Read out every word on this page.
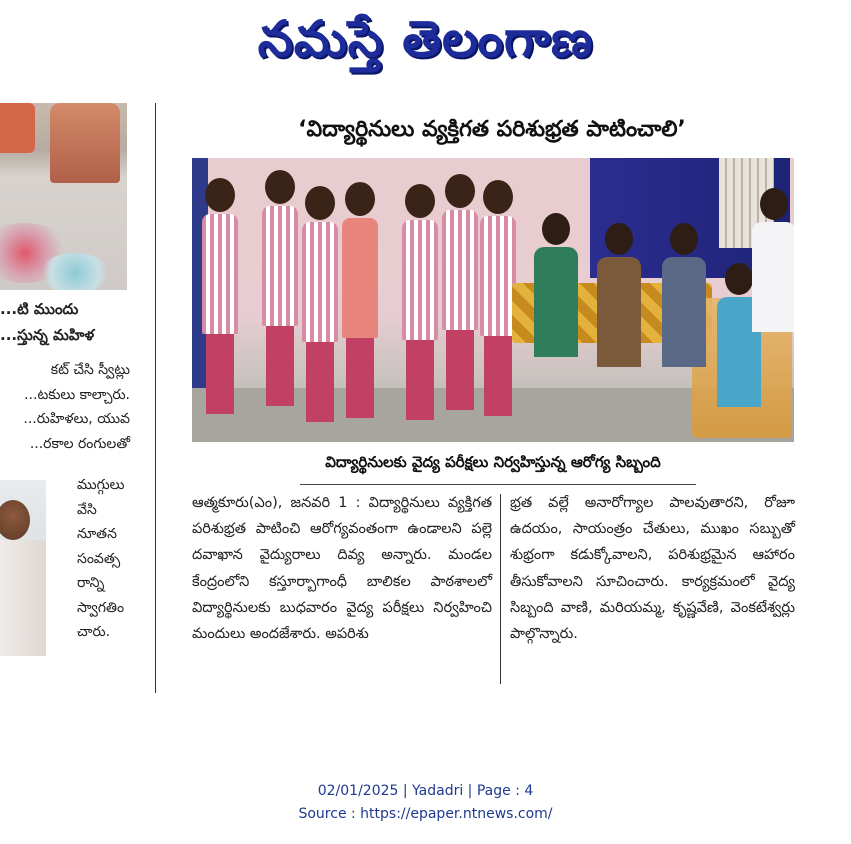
నమస్తే తెలంగాణ
...టి ముందు
...స్తున్న మహిళ
కట్ చేసి స్వీట్లు
...టకులు కాల్చారు.
...రుహిళలు, యువ
...రకాల రంగులతో
ముగ్గులు
వేసి
నూతన
సంవత్స
రాన్ని
స్వాగతిం
చారు.
‘విద్యార్థినులు వ్యక్తిగత పరిశుభ్రత పాటించాలి’
విద్యార్థినులకు వైద్య పరీక్షలు నిర్వహిస్తున్న ఆరోగ్య సిబ్బంది

ఆత్మకూరు(ఎం), జనవరి 1 : విద్యార్థినులు వ్యక్తిగత పరిశుభ్రత పాటించి ఆరోగ్యవంతంగా ఉండాలని పల్లె దవాఖాన వైద్యురాలు దివ్య అన్నారు. మండల కేంద్రంలోని కస్తూర్బాగాంధీ బాలికల పాఠశాలలో విద్యార్థినులకు బుధవారం వైద్య పరీక్షలు నిర్వహించి మందులు అందజేశారు. అపరిశు

భ్రత వల్లే అనారోగ్యాల పాలవుతారని, రోజూ ఉదయం, సాయంత్రం చేతులు, ముఖం సబ్బుతో శుభ్రంగా కడుక్కోవాలని, పరిశుభ్రమైన ఆహారం తీసుకోవాలని సూచించారు. కార్యక్రమంలో వైద్య సిబ్బంది వాణి, మరియమ్మ, కృష్ణవేణి, వెంకటేశ్వర్లు పాల్గొన్నారు.

02/01/2025 | Yadadri | Page : 4
Source : https://epaper.ntnews.com/
